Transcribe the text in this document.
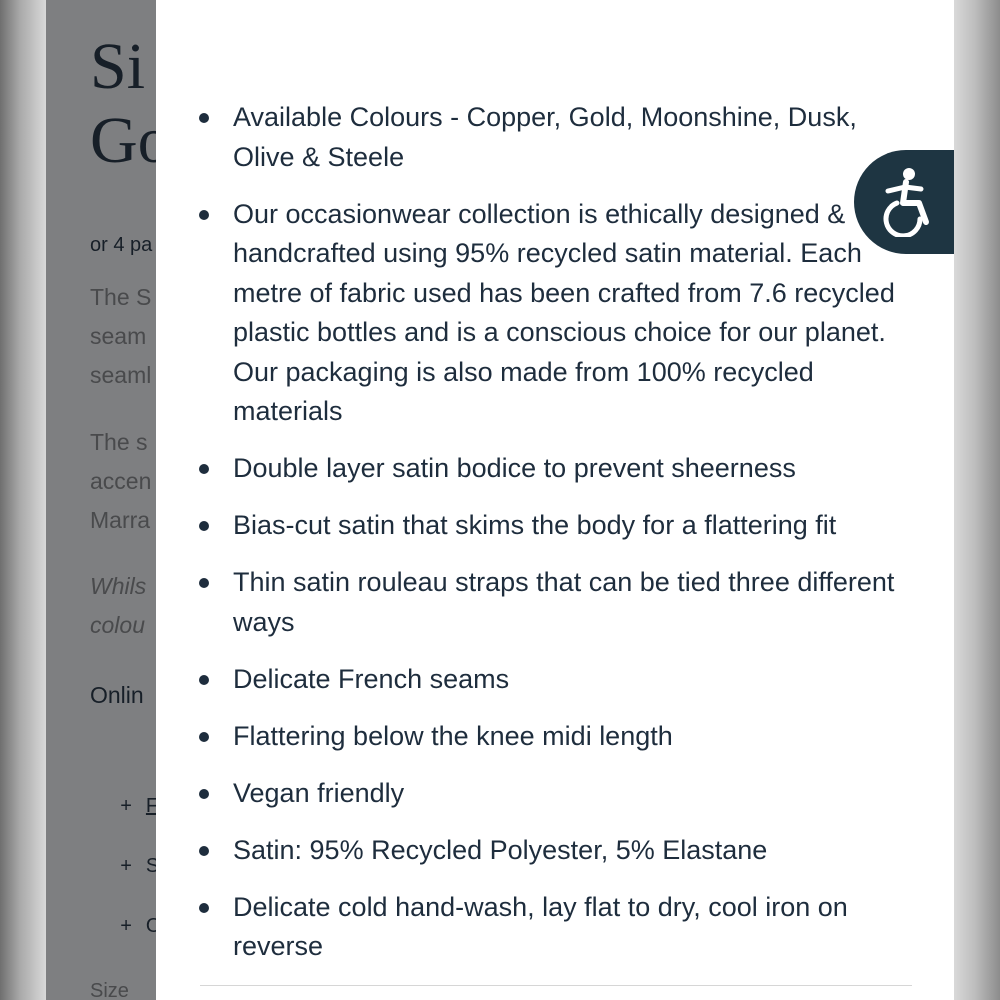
Available Colours - Copper, Gold, Moonshine, Dusk, Olive & Steele
Our occasionwear collection is ethically designed & handcrafted using 95% recycled satin material. Each metre of fabric used has been crafted from 7.6 recycled plastic bottles and is a conscious choice for our planet. Our packaging is also made from 100% recycled materials
Double layer satin bodice to prevent sheerness
Bias-cut satin that skims the body for a flattering fit
Thin satin rouleau straps that can be tied three different ways
Delicate French seams
Flattering below the knee midi length
Vegan friendly
Satin: 95% Recycled Polyester, 5% Elastane
Delicate cold hand-wash, lay flat to dry, cool iron on reverse
